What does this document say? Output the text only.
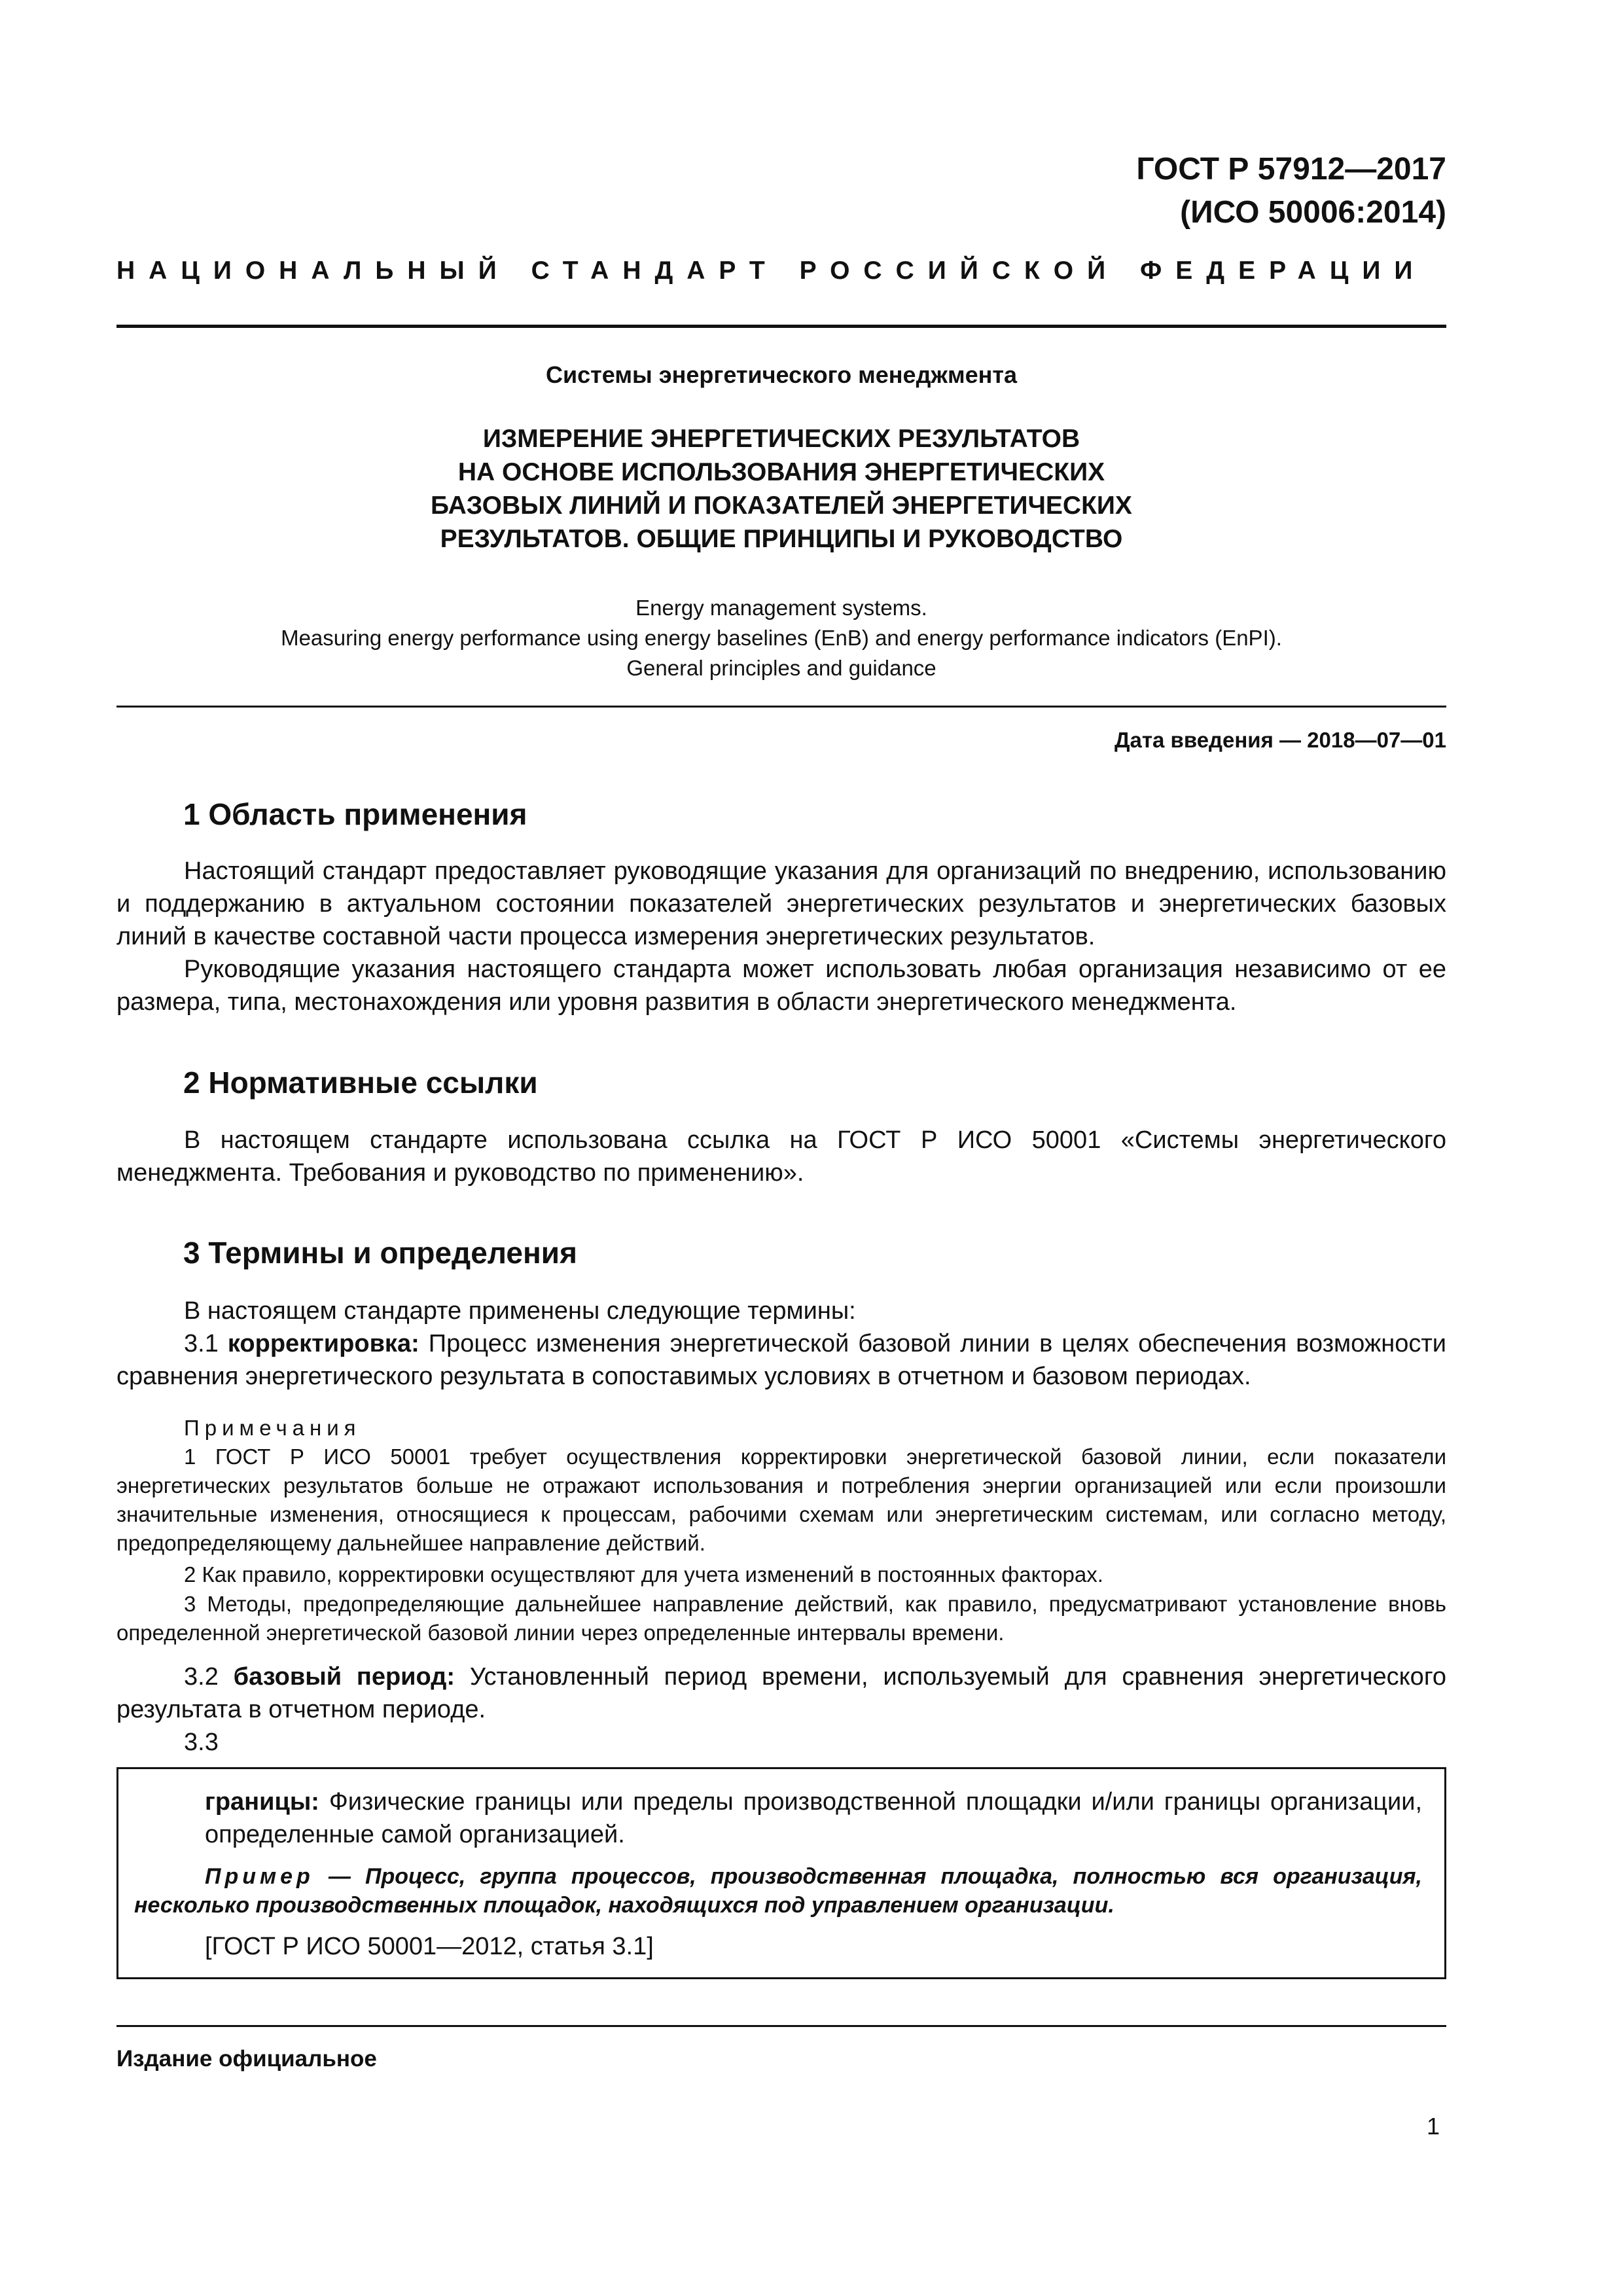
ГОСТ Р 57912—2017
(ИСО 50006:2014)
НАЦИОНАЛЬНЫЙ СТАНДАРТ РОССИЙСКОЙ ФЕДЕРАЦИИ
Системы энергетического менеджмента
ИЗМЕРЕНИЕ ЭНЕРГЕТИЧЕСКИХ РЕЗУЛЬТАТОВ
НА ОСНОВЕ ИСПОЛЬЗОВАНИЯ ЭНЕРГЕТИЧЕСКИХ
БАЗОВЫХ ЛИНИЙ И ПОКАЗАТЕЛЕЙ ЭНЕРГЕТИЧЕСКИХ
РЕЗУЛЬТАТОВ. ОБЩИЕ ПРИНЦИПЫ И РУКОВОДСТВО
Energy management systems.
Measuring energy performance using energy baselines (EnB) and energy performance indicators (EnPI).
General principles and guidance
Дата введения — 2018—07—01
1 Область применения
Настоящий стандарт предоставляет руководящие указания для организаций по внедрению, использованию и поддержанию в актуальном состоянии показателей энергетических результатов и энергетических базовых линий в качестве составной части процесса измерения энергетических результатов.
Руководящие указания настоящего стандарта может использовать любая организация независимо от ее размера, типа, местонахождения или уровня развития в области энергетического менеджмента.
2 Нормативные ссылки
В настоящем стандарте использована ссылка на ГОСТ Р ИСО 50001 «Системы энергетического менеджмента. Требования и руководство по применению».
3 Термины и определения
В настоящем стандарте применены следующие термины:
3.1 корректировка: Процесс изменения энергетической базовой линии в целях обеспечения возможности сравнения энергетического результата в сопоставимых условиях в отчетном и базовом периодах.
Примечания
1 ГОСТ Р ИСО 50001 требует осуществления корректировки энергетической базовой линии, если показатели энергетических результатов больше не отражают использования и потребления энергии организацией или если произошли значительные изменения, относящиеся к процессам, рабочими схемам или энергетическим системам, или согласно методу, предопределяющему дальнейшее направление действий.
2 Как правило, корректировки осуществляют для учета изменений в постоянных факторах.
3 Методы, предопределяющие дальнейшее направление действий, как правило, предусматривают установление вновь определенной энергетической базовой линии через определенные интервалы времени.
3.2 базовый период: Установленный период времени, используемый для сравнения энергетического результата в отчетном периоде.
3.3
границы: Физические границы или пределы производственной площадки и/или границы организации, определенные самой организацией.
Пример — Процесс, группа процессов, производственная площадка, полностью вся организация, несколько производственных площадок, находящихся под управлением организации.
[ГОСТ Р ИСО 50001—2012, статья 3.1]
Издание официальное
1
